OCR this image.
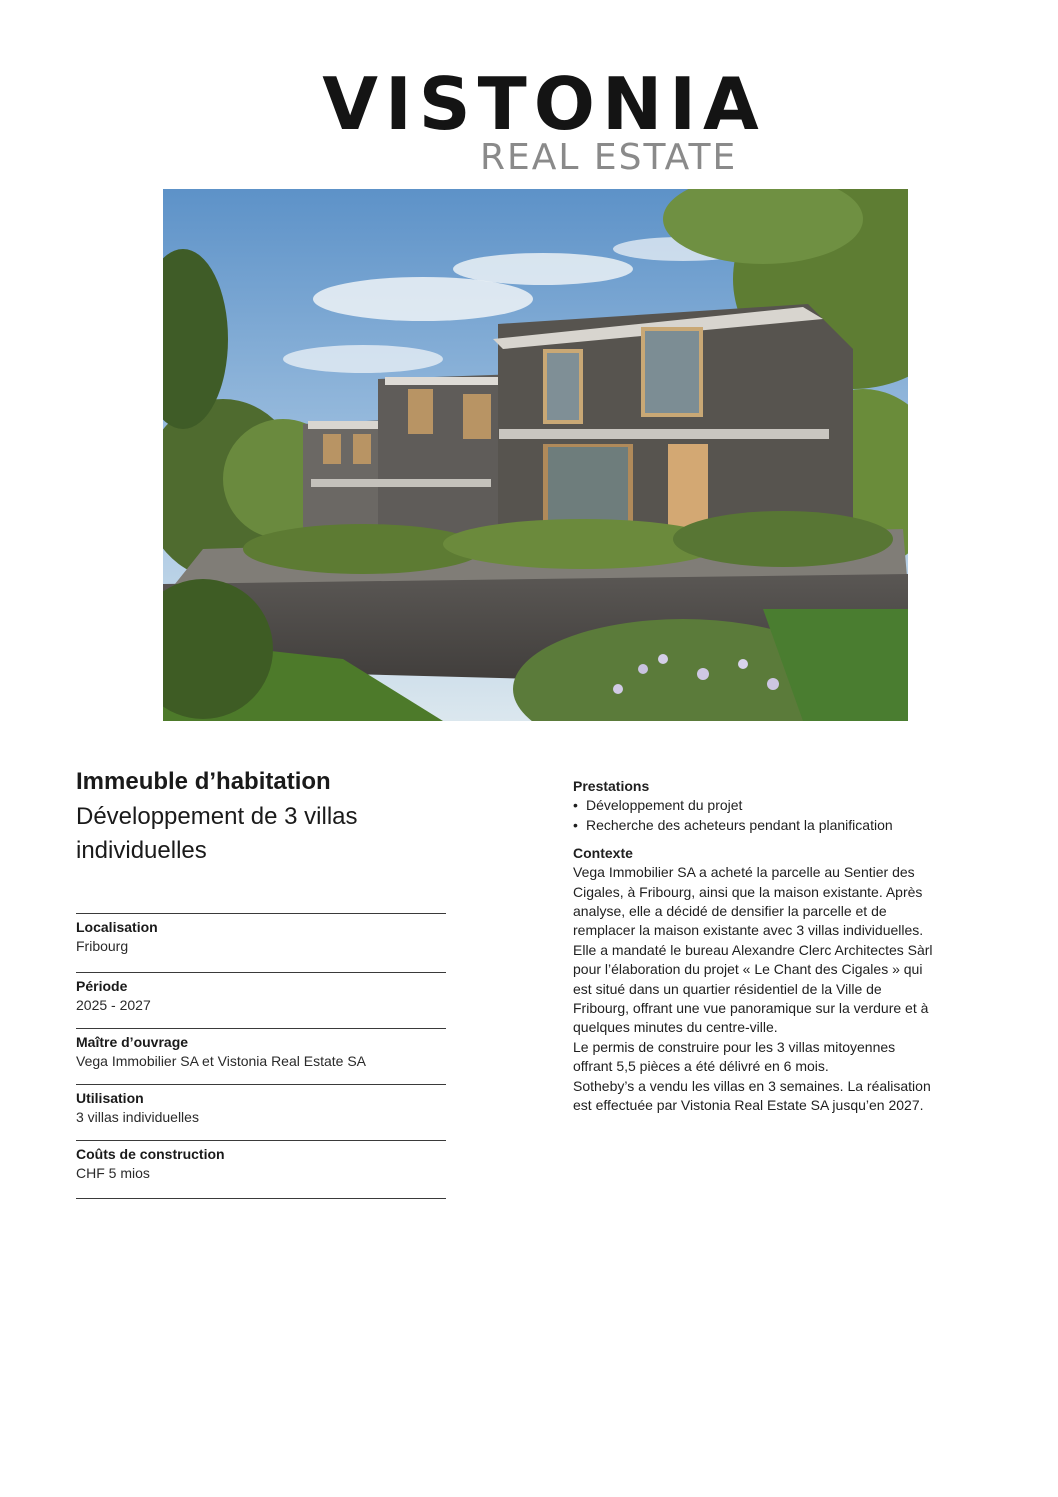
VISTONIA
REAL ESTATE
Immeuble d’habitation
Développement de 3 villas individuelles
Localisation
Fribourg
Période
2025 - 2027
Maître d’ouvrage
Vega Immobilier SA et Vistonia Real Estate SA
Utilisation
3 villas individuelles
Coûts de construction
CHF 5 mios
Prestations
• Développement du projet
• Recherche des acheteurs pendant la planification
Contexte

Vega Immobilier SA a acheté la parcelle au Sentier des Cigales, à Fribourg, ainsi que la maison existante. Après analyse, elle a décidé de densifier la parcelle et de remplacer la maison existante avec 3 villas individuelles.

Elle a mandaté le bureau Alexandre Clerc Architectes Sàrl pour l’élaboration du projet « Le Chant des Cigales » qui est situé dans un quartier résidentiel de la Ville de Fribourg, offrant une vue panoramique sur la verdure et à quelques minutes du centre-ville.

Le permis de construire pour les 3 villas mitoyennes offrant 5,5 pièces a été délivré en 6 mois.

Sotheby’s a vendu les villas en 3 semaines. La réalisation est effectuée par Vistonia Real Estate SA jusqu’en 2027.
